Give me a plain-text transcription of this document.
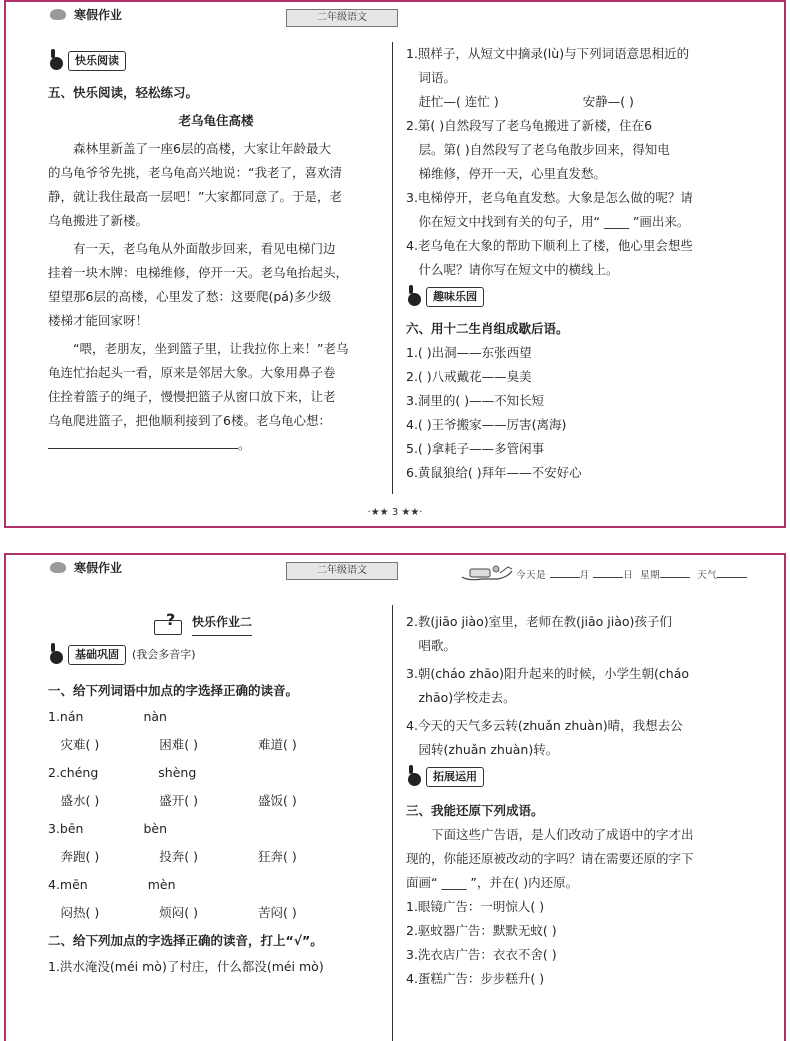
寒假作业	二年级语文
快乐阅读
五、快乐阅读，轻松练习。
老乌龟住高楼
森林里新盖了一座6层的高楼，大家让年龄最大
的乌龟爷爷先挑，老乌龟高兴地说：“我老了，喜欢清
静，就让我住最高一层吧！”大家都同意了。于是，老
乌龟搬进了新楼。
有一天，老乌龟从外面散步回来，看见电梯门边
挂着一块木牌：电梯维修，停开一天。老乌龟抬起头，
望望那6层的高楼，心里发了愁：这要爬(pá)多少级
楼梯才能回家呀！
“喂，老朋友，坐到篮子里，让我拉你上来！”老乌
龟连忙抬起头一看，原来是邻居大象。大象用鼻子卷
住拴着篮子的绳子，慢慢把篮子从窗口放下来，让老
乌龟爬进篮子，把他顺利接到了6楼。老乌龟心想：
。
1.照样子，从短文中摘录(lù)与下列词语意思相近的
词语。
赶忙—( 连忙 )	安静—( )
2.第( )自然段写了老乌龟搬进了新楼，住在6
层。第( )自然段写了老乌龟散步回来，得知电
梯维修，停开一天，心里直发愁。
3.电梯停开，老乌龟直发愁。大象是怎么做的呢？请
你在短文中找到有关的句子，用“ ____ ”画出来。
4.老乌龟在大象的帮助下顺利上了楼，他心里会想些
什么呢？请你写在短文中的横线上。
趣味乐园
六、用十二生肖组成歇后语。
1.( )出洞——东张西望
2.( )八戒戴花——臭美
3.洞里的( )——不知长短
4.( )王爷搬家——厉害(离海)
5.( )拿耗子——多管闲事
6.黄鼠狼给( )拜年——不安好心
·★★ 3 ★★·
寒假作业	二年级语文	今天是	月	日 星期	天气
?
快乐作业二
基础巩固	(我会多音字)
一、给下列词语中加点的字选择正确的读音。
1.nán	nàn
灾难( )	困难( )	难道( )
2.chéng	shèng
盛水( )	盛开( )	盛饭( )
3.bēn	bèn
奔跑( )	投奔( )	狂奔( )
4.mēn	mèn
闷热( )	烦闷( )	苦闷( )
二、给下列加点的字选择正确的读音，打上“√”。
1.洪水淹没(méi mò)了村庄，什么都没(méi mò)
2.教(jiāo jiào)室里，老师在教(jiāo jiào)孩子们
唱歌。
3.朝(cháo zhāo)阳升起来的时候，小学生朝(cháo
zhāo)学校走去。
4.今天的天气多云转(zhuǎn zhuàn)晴，我想去公
园转(zhuǎn zhuàn)转。
拓展运用
三、我能还原下列成语。
下面这些广告语，是人们改动了成语中的字才出
现的，你能还原被改动的字吗？请在需要还原的字下
面画“ ____ ”，并在( )内还原。
1.眼镜广告：一明惊人( )
2.驱蚊器广告：默默无蚊( )
3.洗衣店广告：衣衣不舍( )
4.蛋糕广告：步步糕升( )
